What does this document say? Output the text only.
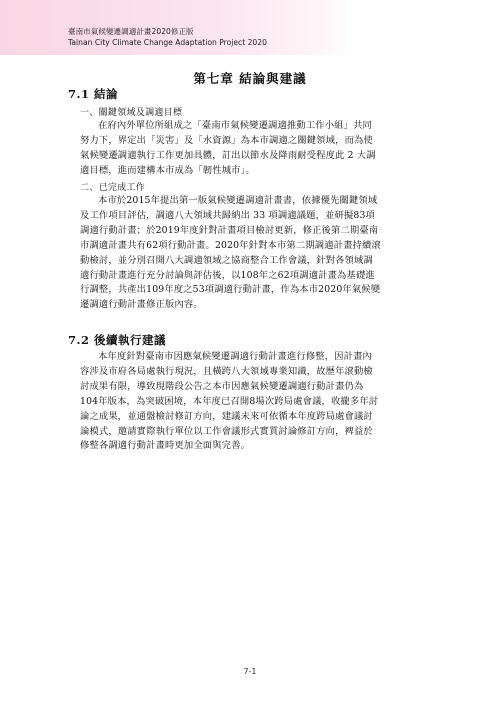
臺南市氣候變遷調適計畫2020修正版
Tainan City Climate Change Adaptation Project 2020
第七章 結論與建議
7.1 結論
一、關鍵領域及調適目標
在府內外單位所組成之「臺南市氣候變遷調適推動工作小組」共同
努力下，界定出「災害」及「水資源」為本市調適之關鍵領域，而為使
氣候變遷調適執行工作更加具體，訂出以節水及降雨耐受程度此 2 大調
適目標，進而建構本市成為「韌性城市」。
二、已完成工作
本市於2015年提出第一版氣候變遷調適計畫書，依據優先關鍵領域
及工作項目評估，調適八大領域共歸納出 33 項調適議題，並研擬83項
調適行動計畫；於2019年度針對計畫項目檢討更新，修正後第二期臺南
市調適計畫共有62項行動計畫。2020年針對本市第二期調適計畫持續滾
動檢討，並分別召開八大調適領域之協商整合工作會議，針對各領域調
適行動計畫進行充分討論與評估後，以108年之62項調適計畫為基礎進
行調整，共產出109年度之53項調適行動計畫，作為本市2020年氣候變
遷調適行動計畫修正版內容。
7.2 後續執行建議
本年度針對臺南市因應氣候變遷調適行動計畫進行修整，因計畫內
容涉及市府各局處執行現況，且橫跨八大領域專業知識，故歷年滾動檢
討成果有限，導致現階段公告之本市因應氣候變遷調適行動計畫仍為
104年版本，為突破困境，本年度已召開8場次跨局處會議，收攏多年討
論之成果，並通盤檢討修訂方向，建議未來可依循本年度跨局處會議討
論模式，邀請實際執行單位以工作會議形式實質討論修訂方向，裨益於
修整各調適行動計畫時更加全面與完善。
7-1
